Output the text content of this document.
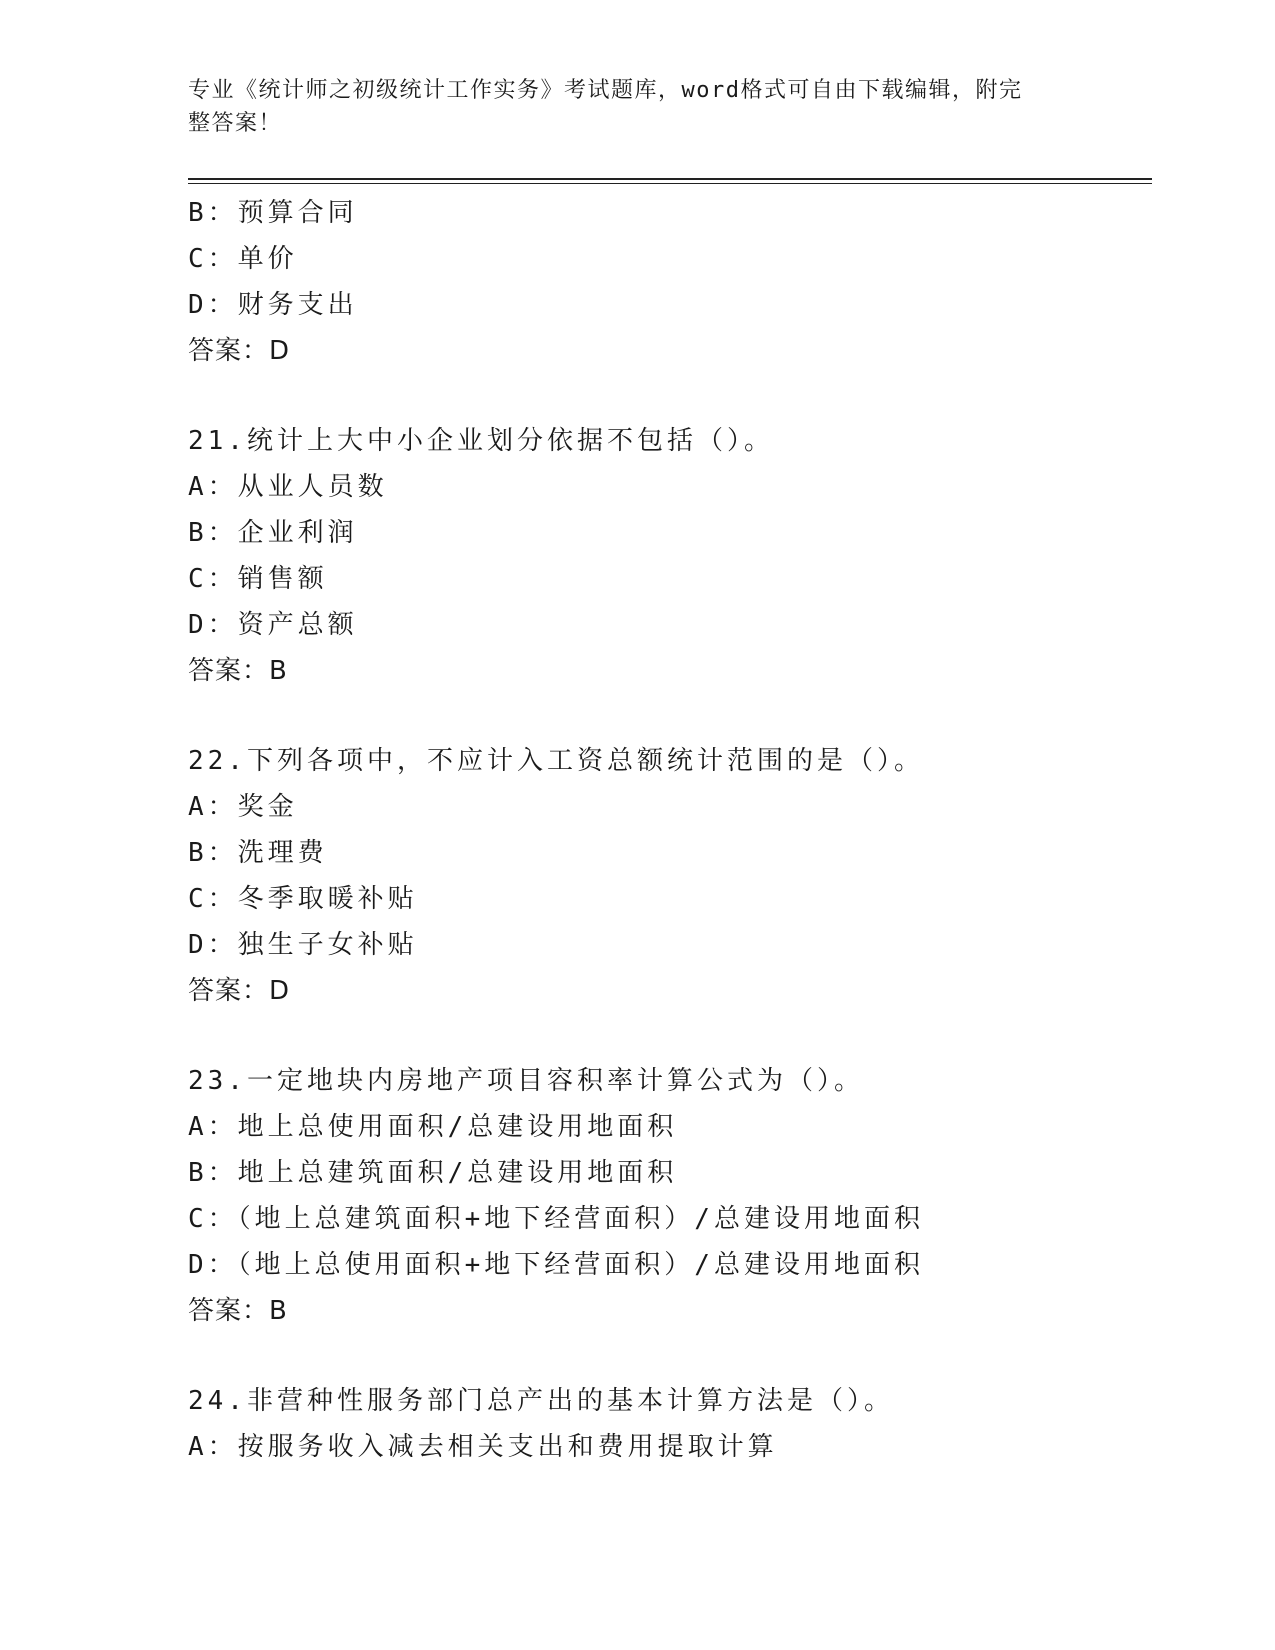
专业《统计师之初级统计工作实务》考试题库，word格式可自由下载编辑，附完
整答案！
B：预算合同
C：单价
D：财务支出
答案：D
21.统计上大中小企业划分依据不包括（）。
A：从业人员数
B：企业利润
C：销售额
D：资产总额
答案：B
22.下列各项中，不应计入工资总额统计范围的是（）。
A：奖金
B：洗理费
C：冬季取暖补贴
D：独生子女补贴
答案：D
23.一定地块内房地产项目容积率计算公式为（）。
A：地上总使用面积/总建设用地面积
B：地上总建筑面积/总建设用地面积
C：（地上总建筑面积+地下经营面积）/总建设用地面积
D：（地上总使用面积+地下经营面积）/总建设用地面积
答案：B
24.非营种性服务部门总产出的基本计算方法是（）。
A：按服务收入减去相关支出和费用提取计算
